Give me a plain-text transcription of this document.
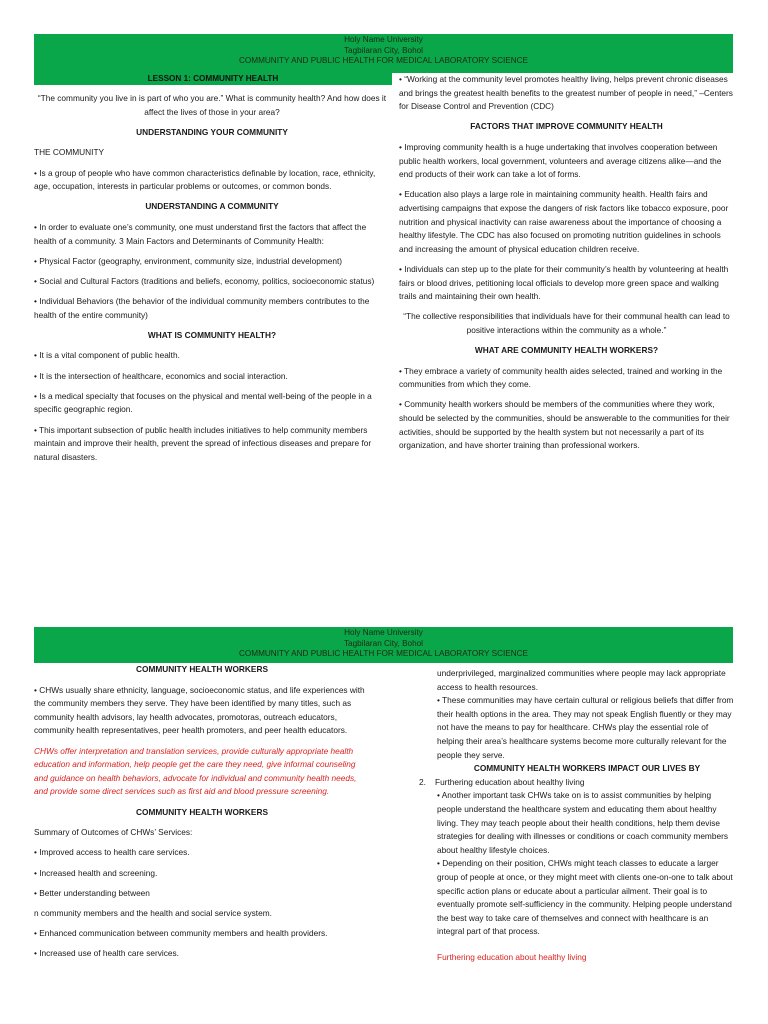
Holy Name University
Tagbilaran City, Bohol
COMMUNITY AND PUBLIC HEALTH FOR MEDICAL LABORATORY SCIENCE
LESSON 1: COMMUNITY HEALTH

“The community you live in is part of who you are.” What is community health? And how does it affect the lives of those in your area?

UNDERSTANDING YOUR COMMUNITY

THE COMMUNITY

• Is a group of people who have common characteristics definable by location, race, ethnicity, age, occupation, interests in particular problems or outcomes, or common bonds.

UNDERSTANDING A COMMUNITY

• In order to evaluate one’s community, one must understand first the factors that affect the health of a community. 3 Main Factors and Determinants of Community Health:

• Physical Factor (geography, environment, community size, industrial development)

• Social and Cultural Factors (traditions and beliefs, economy, politics, socioeconomic status)

• Individual Behaviors (the behavior of the individual community members contributes to the health of the entire community)

WHAT IS COMMUNITY HEALTH?

• It is a vital component of public health.

• It is the intersection of healthcare, economics and social interaction.

• Is a medical specialty that focuses on the physical and mental well-being of the people in a specific geographic region.

• This important subsection of public health includes initiatives to help community members maintain and improve their health, prevent the spread of infectious diseases and prepare for natural disasters.

• “Working at the community level promotes healthy living, helps prevent chronic diseases and brings the greatest health benefits to the greatest number of people in need,” –Centers for Disease Control and Prevention (CDC)

FACTORS THAT IMPROVE COMMUNITY HEALTH

• Improving community health is a huge undertaking that involves cooperation between public health workers, local government, volunteers and average citizens alike—and the end products of their work can take a lot of forms.

• Education also plays a large role in maintaining community health. Health fairs and advertising campaigns that expose the dangers of risk factors like tobacco exposure, poor nutrition and physical inactivity can raise awareness about the importance of choosing a healthy lifestyle. The CDC has also focused on promoting nutrition guidelines in schools and increasing the amount of physical education children receive.

• Individuals can step up to the plate for their community’s health by volunteering at health fairs or blood drives, petitioning local officials to develop more green space and walking trails and maintaining their own health.

“The collective responsibilities that individuals have for their communal health can lead to positive interactions within the community as a whole.”

WHAT ARE COMMUNITY HEALTH WORKERS?

• They embrace a variety of community health aides selected, trained and working in the communities from which they come.

• Community health workers should be members of the communities where they work, should be selected by the communities, should be answerable to the communities for their activities, should be supported by the health system but not necessarily a part of its organization, and have shorter training than professional workers.

Holy Name University
Tagbilaran City, Bohol
COMMUNITY AND PUBLIC HEALTH FOR MEDICAL LABORATORY SCIENCE

COMMUNITY HEALTH WORKERS

• CHWs usually share ethnicity, language, socioeconomic status, and life experiences with the community members they serve. They have been identified by many titles, such as community health advisors, lay health advocates, promotoras, outreach educators, community health representatives, peer health promoters, and peer health educators.

CHWs offer interpretation and translation services, provide culturally appropriate health education and information, help people get the care they need, give informal counseling and guidance on health behaviors, advocate for individual and community health needs, and provide some direct services such as first aid and blood pressure screening.

COMMUNITY HEALTH WORKERS

Summary of Outcomes of CHWs’ Services:

• Improved access to health care services.

• Increased health and screening.

• Better understanding between

n community members and the health and social service system.

• Enhanced communication between community members and health providers.

• Increased use of health care services.

underprivileged, marginalized communities where people may lack appropriate access to health resources.

• These communities may have certain cultural or religious beliefs that differ from their health options in the area. They may not speak English fluently or they may not have the means to pay for healthcare. CHWs play the essential role of helping their area’s healthcare systems become more culturally relevant for the people they serve.

COMMUNITY HEALTH WORKERS IMPACT OUR LIVES BY

2.	Furthering education about healthy living

• Another important task CHWs take on is to assist communities by helping people understand the healthcare system and educating them about healthy living. They may teach people about their health conditions, help them devise strategies for dealing with illnesses or conditions or coach community members about healthy lifestyle choices.

• Depending on their position, CHWs might teach classes to educate a larger group of people at once, or they might meet with clients one-on-one to talk about specific action plans or educate about a particular ailment. Their goal is to eventually promote self-sufficiency in the community. Helping people understand the best way to take care of themselves and connect with healthcare is an integral part of that process.

Furthering education about healthy living
